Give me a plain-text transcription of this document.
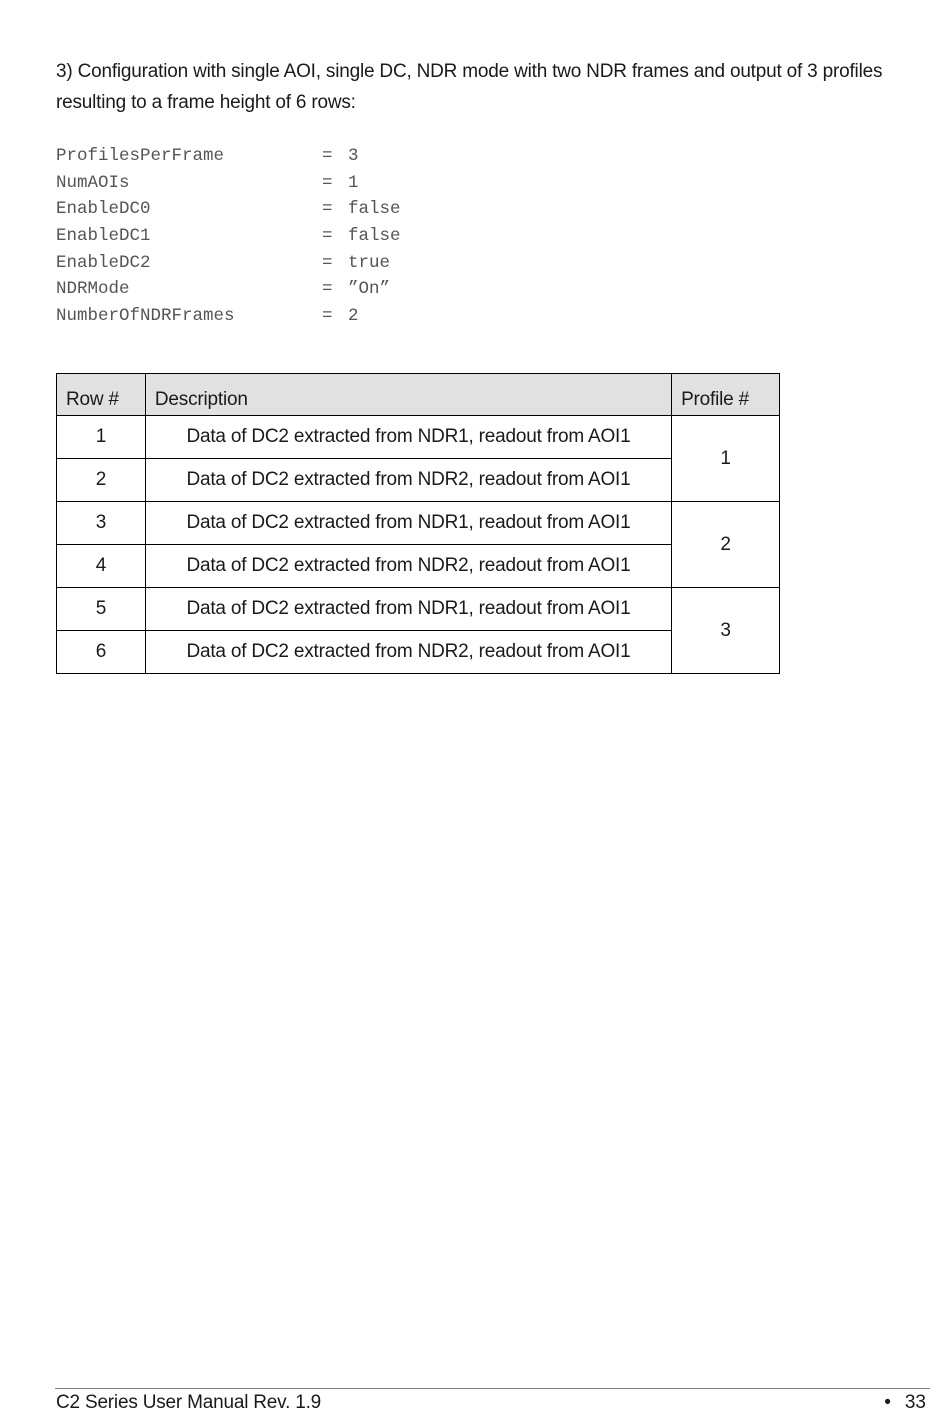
3) Configuration with single AOI, single DC, NDR mode with two NDR frames and output of 3 profiles
resulting to a frame height of 6 rows:
ProfilesPerFrame	= 3
NumAOIs	= 1
EnableDC0	= false
EnableDC1	= false
EnableDC2	= true
NDRMode	= ”On”
NumberOfNDRFrames	= 2
Row #	Description	Profile #
1	Data of DC2 extracted from NDR1, readout from AOI1	1
2	Data of DC2 extracted from NDR2, readout from AOI1	
3	Data of DC2 extracted from NDR1, readout from AOI1	2
4	Data of DC2 extracted from NDR2, readout from AOI1	
5	Data of DC2 extracted from NDR1, readout from AOI1	3
6	Data of DC2 extracted from NDR2, readout from AOI1	
C2 Series User Manual Rev. 1.9	• 33
